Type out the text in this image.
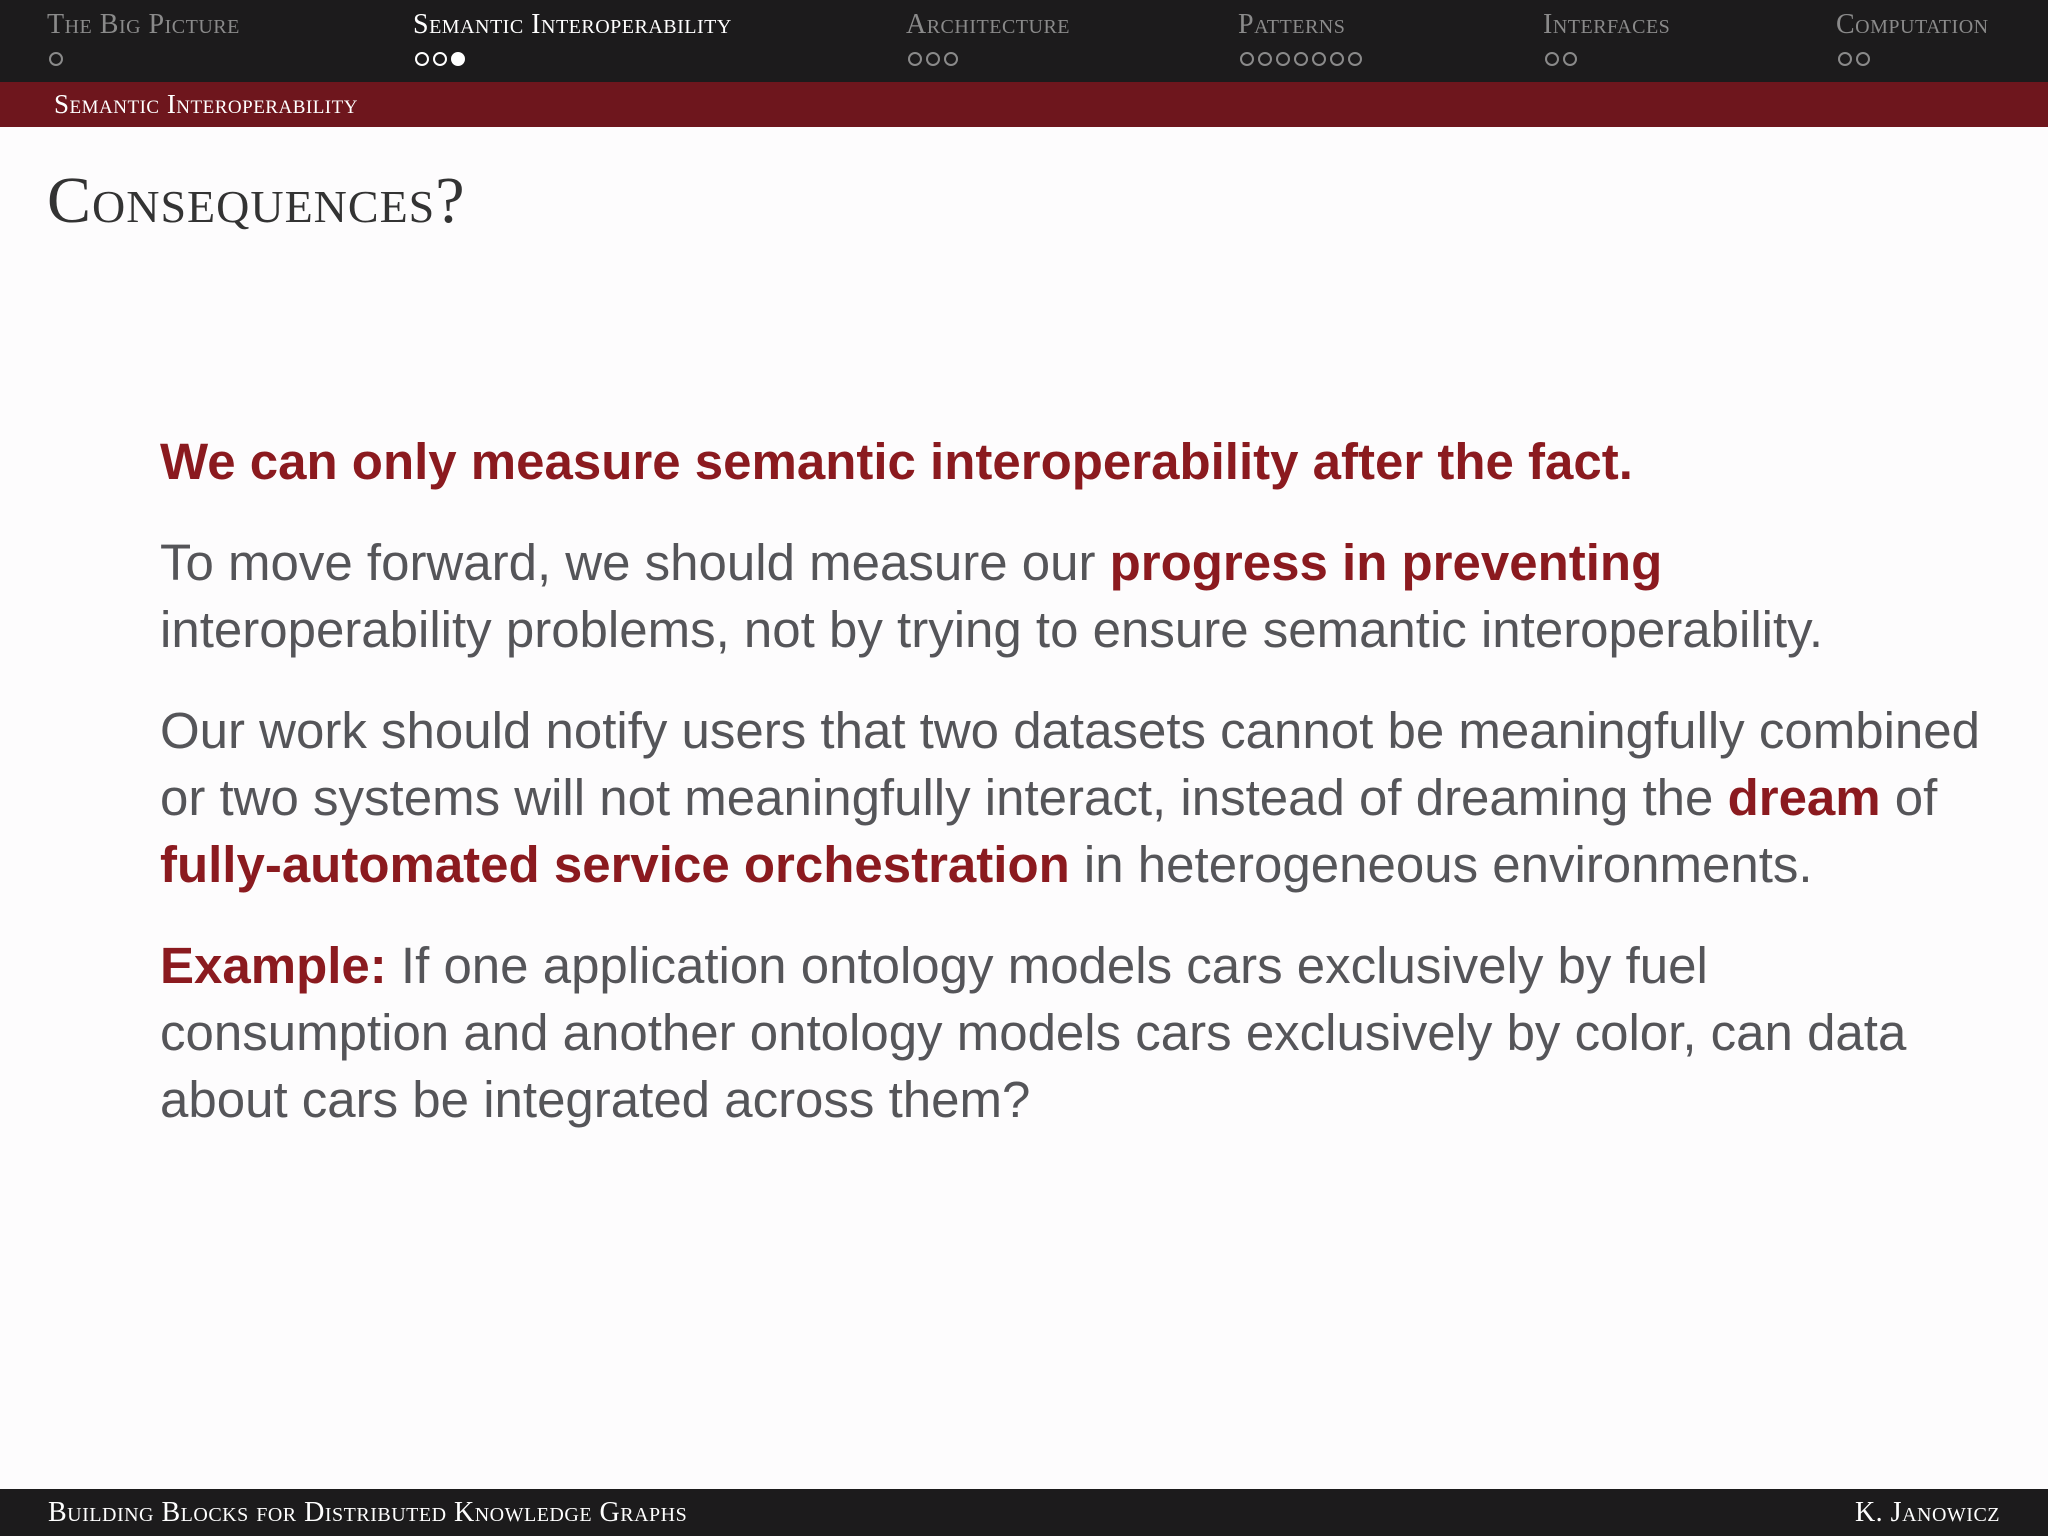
The Big Picture	Semantic Interoperability	Architecture	Patterns	Interfaces	Computation
Semantic Interoperability
Consequences?

We can only measure semantic interoperability after the fact.

To move forward, we should measure our progress in preventing interoperability problems, not by trying to ensure semantic interoperability.

Our work should notify users that two datasets cannot be meaningfully combined or two systems will not meaningfully interact, instead of dreaming the dream of fully-automated service orchestration in heterogeneous environments.

Example: If one application ontology models cars exclusively by fuel consumption and another ontology models cars exclusively by color, can data about cars be integrated across them?

Building Blocks for Distributed Knowledge Graphs	K. Janowicz
